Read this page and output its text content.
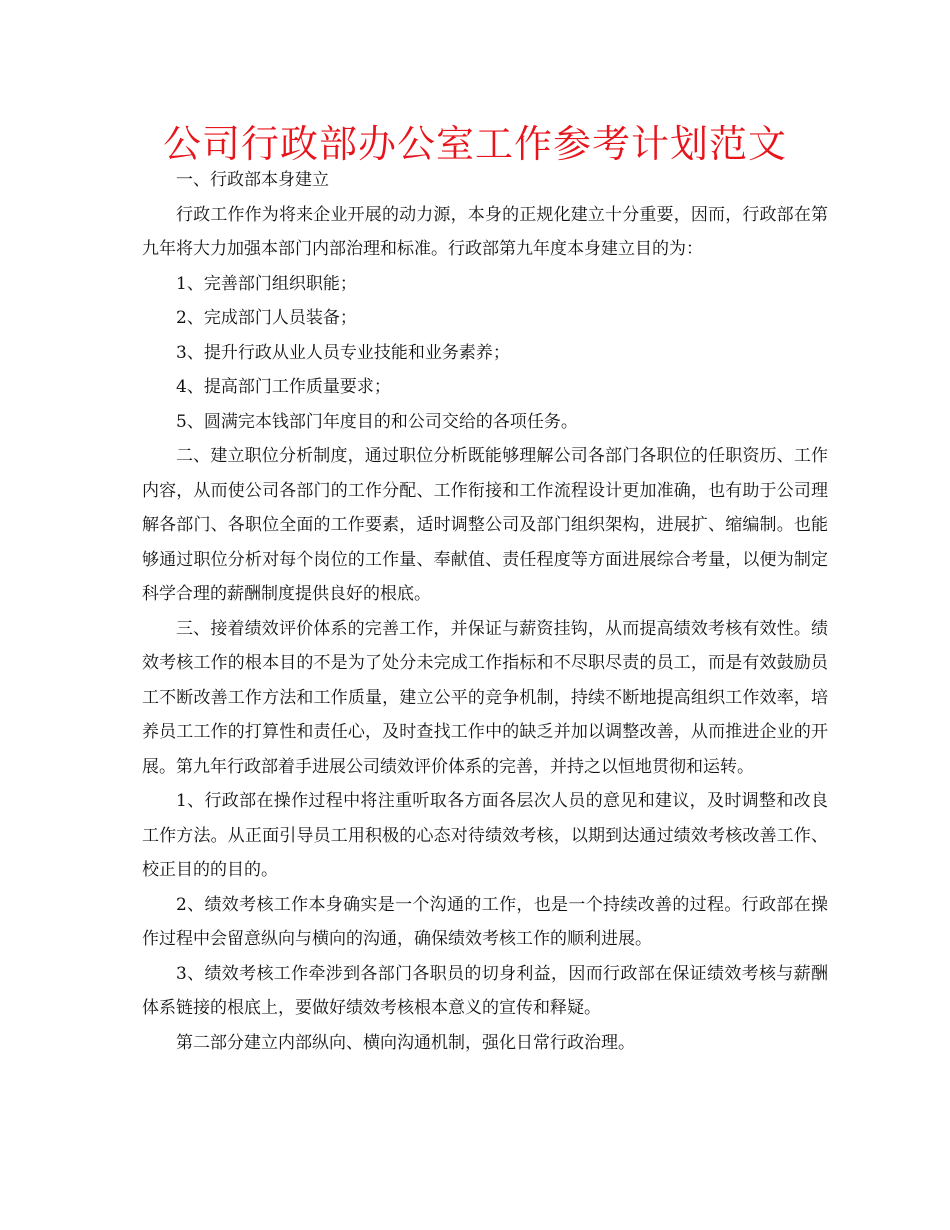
公司行政部办公室工作参考计划范文

一、行政部本身建立

行政工作作为将来企业开展的动力源，本身的正规化建立十分重要，因而，行政部在第九年将大力加强本部门内部治理和标准。行政部第九年度本身建立目的为：

1、完善部门组织职能；

2、完成部门人员装备；

3、提升行政从业人员专业技能和业务素养；

4、提高部门工作质量要求；

5、圆满完本钱部门年度目的和公司交给的各项任务。

二、建立职位分析制度，通过职位分析既能够理解公司各部门各职位的任职资历、工作内容，从而使公司各部门的工作分配、工作衔接和工作流程设计更加准确，也有助于公司理解各部门、各职位全面的工作要素，适时调整公司及部门组织架构，进展扩、缩编制。也能够通过职位分析对每个岗位的工作量、奉献值、责任程度等方面进展综合考量，以便为制定科学合理的薪酬制度提供良好的根底。

三、接着绩效评价体系的完善工作，并保证与薪资挂钩，从而提高绩效考核有效性。绩效考核工作的根本目的不是为了处分未完成工作指标和不尽职尽责的员工，而是有效鼓励员工不断改善工作方法和工作质量，建立公平的竞争机制，持续不断地提高组织工作效率，培养员工工作的打算性和责任心，及时查找工作中的缺乏并加以调整改善，从而推进企业的开展。第九年行政部着手进展公司绩效评价体系的完善，并持之以恒地贯彻和运转。

1、行政部在操作过程中将注重听取各方面各层次人员的意见和建议，及时调整和改良工作方法。从正面引导员工用积极的心态对待绩效考核，以期到达通过绩效考核改善工作、校正目的的目的。

2、绩效考核工作本身确实是一个沟通的工作，也是一个持续改善的过程。行政部在操作过程中会留意纵向与横向的沟通，确保绩效考核工作的顺利进展。

3、绩效考核工作牵涉到各部门各职员的切身利益，因而行政部在保证绩效考核与薪酬体系链接的根底上，要做好绩效考核根本意义的宣传和释疑。

第二部分建立内部纵向、横向沟通机制，强化日常行政治理。
